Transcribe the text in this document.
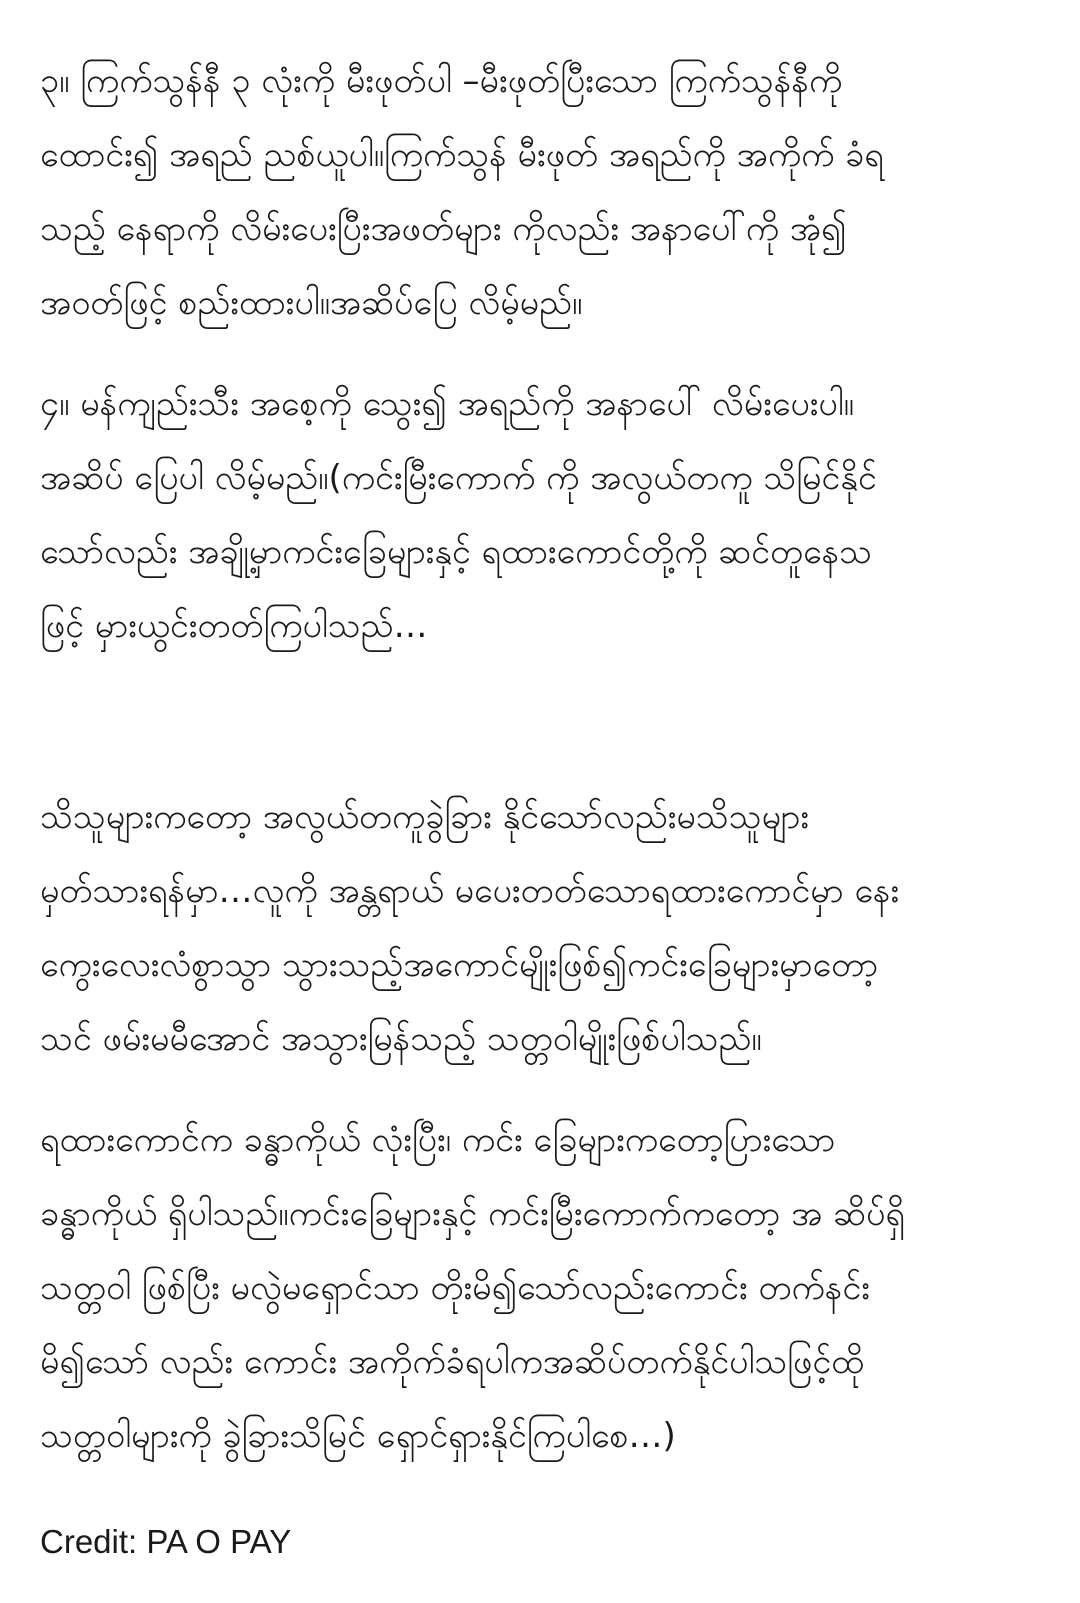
၃။ ကြက်သွန်နီ ၃ လုံးကို မီးဖုတ်ပါ –မီးဖုတ်ပြီးသော ကြက်သွန်နီကို
ထောင်း၍ အရည် ညစ်ယူပါ။ကြက်သွန် မီးဖုတ် အရည်ကို အကိုက် ခံရ
သည့် နေရာကို လိမ်းပေးပြီးအဖတ်များ ကိုလည်း အနာပေါ်ကို အုံ၍
အဝတ်ဖြင့် စည်းထားပါ။အဆိပ်ပြေ လိမ့်မည်။
၄။ မန်ကျည်းသီး အစေ့ကို သွေး၍ အရည်ကို အနာပေါ် လိမ်းပေးပါ။
အဆိပ် ပြေပါ လိမ့်မည်။(ကင်းမြီးကောက် ကို အလွယ်တကူ သိမြင်နိုင်
သော်လည်း အချို့မှာကင်းခြေများနှင့် ရထားကောင်တို့ကို ဆင်တူနေသ
ဖြင့် မှားယွင်းတတ်ကြပါသည်…
သိသူများကတော့ အလွယ်တကူခွဲခြား နိုင်သော်လည်းမသိသူများ
မှတ်သားရန်မှာ…လူကို အန္တရာယ် မပေးတတ်သောရထားကောင်မှာ နေး
ကွေးလေးလံစွာသွာ သွားသည့်အကောင်မျိုးဖြစ်၍ကင်းခြေများမှာတော့
သင် ဖမ်းမမီအောင် အသွားမြန်သည့် သတ္တဝါမျိုးဖြစ်ပါသည်။
ရထားကောင်က ခန္ဓာကိုယ် လုံးပြီး၊ ကင်း ခြေများကတော့ပြားသော
ခန္ဓာကိုယ် ရှိပါသည်။ကင်းခြေများနှင့် ကင်းမြီးကောက်ကတော့ အ ဆိပ်ရှိ
သတ္တဝါ ဖြစ်ပြီး မလွဲမရှောင်သာ တိုးမိ၍သော်လည်းကောင်း တက်နင်း
မိ၍သော် လည်း ကောင်း အကိုက်ခံရပါကအဆိပ်တက်နိုင်ပါသဖြင့်ထို
သတ္တဝါများကို ခွဲခြားသိမြင် ရှောင်ရှားနိုင်ကြပါစေ…)
Credit: PA O PAY
